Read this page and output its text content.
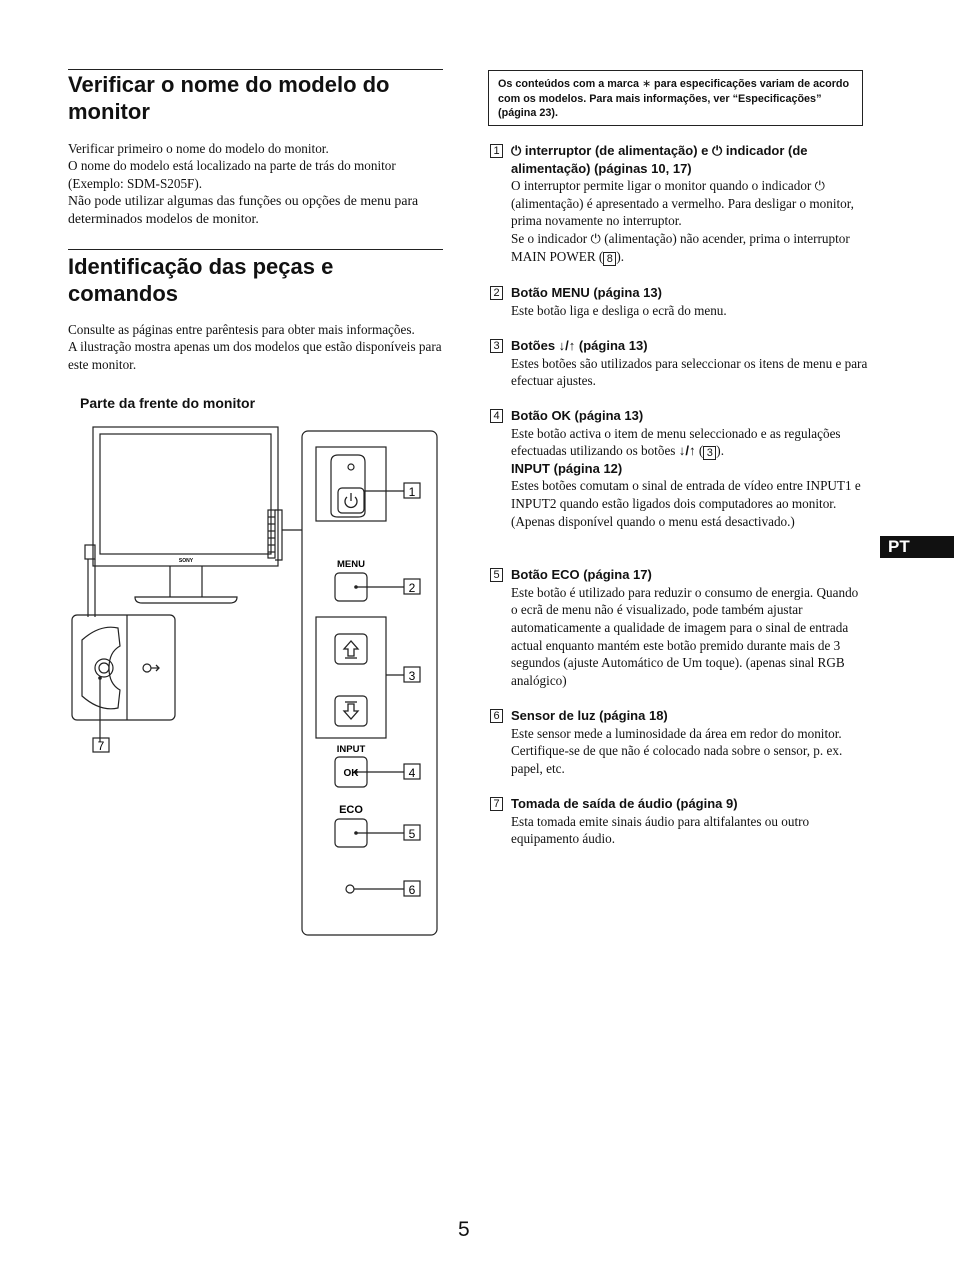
Verificar o nome do modelo do monitor

Verificar primeiro o nome do modelo do monitor.

O nome do modelo está localizado na parte de trás do monitor (Exemplo: SDM-S205F).

Não pode utilizar algumas das funções ou opções de menu para determinados modelos de monitor.

Identificação das peças e comandos

Consulte as páginas entre parêntesis para obter mais informações.

A ilustração mostra apenas um dos modelos que estão disponíveis para este monitor.

Parte da frente do monitor
SONY	MENU
INPUT
OK
ECO
1
2
3
4
5
6
7
Os conteúdos com a marca ∗ para especificações variam de acordo com os modelos. Para mais informações, ver “Especificações” (página 23).
1 ⏻ interruptor (de alimentação) e ⏻ indicador (de alimentação) (páginas 10, 17)
O interruptor permite ligar o monitor quando o indicador ⏻ (alimentação) é apresentado a vermelho. Para desligar o monitor, prima novamente no interruptor.
Se o indicador ⏻ (alimentação) não acender, prima o interruptor MAIN POWER ( 8 ).
2 Botão MENU (página 13)
Este botão liga e desliga o ecrã do menu.
3 Botões ↓/↑ (página 13)
Estes botões são utilizados para seleccionar os itens de menu e para efectuar ajustes.
4 Botão OK (página 13)
Este botão activa o item de menu seleccionado e as regulações efectuadas utilizando os botões ↓/↑ ( 3 ).
INPUT (página 12)
Estes botões comutam o sinal de entrada de vídeo entre INPUT1 e INPUT2 quando estão ligados dois computadores ao monitor. (Apenas disponível quando o menu está desactivado.)
5 Botão ECO (página 17)
Este botão é utilizado para reduzir o consumo de energia. Quando o ecrã de menu não é visualizado, pode também ajustar automaticamente a qualidade de imagem para o sinal de entrada actual enquanto mantém este botão premido durante mais de 3 segundos (ajuste Automático de Um toque). (apenas sinal RGB analógico)
6 Sensor de luz (página 18)
Este sensor mede a luminosidade da área em redor do monitor. Certifique-se de que não é colocado nada sobre o sensor, p. ex. papel, etc.
7 Tomada de saída de áudio (página 9)
Esta tomada emite sinais áudio para altifalantes ou outro equipamento áudio.
PT
5
